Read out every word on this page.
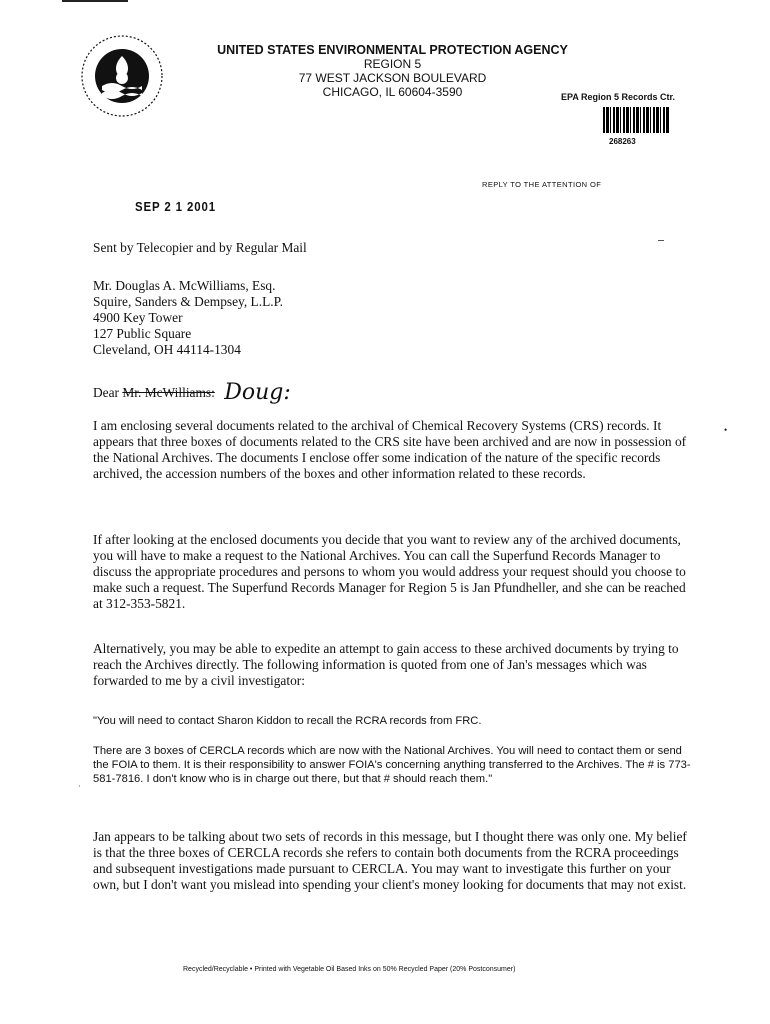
UNITED STATES ENVIRONMENTAL PROTECTION AGENCY
REGION 5
77 WEST JACKSON BOULEVARD
CHICAGO, IL 60604-3590	EPA Region 5 Records Ctr.
268263
REPLY TO THE ATTENTION OF
SEP 2 1 2001

Sent by Telecopier and by Regular Mail

Mr. Douglas A. McWilliams, Esq.
Squire, Sanders & Dempsey, L.L.P.
4900 Key Tower
127 Public Square
Cleveland, OH 44114-1304
Dear Mr. McWilliams: Doug:
•

I am enclosing several documents related to the archival of Chemical Recovery Systems (CRS) records. It appears that three boxes of documents related to the CRS site have been archived and are now in possession of the National Archives. The documents I enclose offer some indication of the nature of the specific records archived, the accession numbers of the boxes and other information related to these records.

If after looking at the enclosed documents you decide that you want to review any of the archived documents, you will have to make a request to the National Archives. You can call the Superfund Records Manager to discuss the appropriate procedures and persons to whom you would address your request should you choose to make such a request. The Superfund Records Manager for Region 5 is Jan Pfundheller, and she can be reached at 312-353-5821.

Alternatively, you may be able to expedite an attempt to gain access to these archived documents by trying to reach the Archives directly. The following information is quoted from one of Jan's messages which was forwarded to me by a civil investigator:

"You will need to contact Sharon Kiddon to recall the RCRA records from FRC.

There are 3 boxes of CERCLA records which are now with the National Archives. You will need to contact them or send the FOIA to them. It is their responsibility to answer FOIA's concerning anything transferred to the Archives. The # is 773-581-7816. I don't know who is in charge out there, but that # should reach them."

·

Jan appears to be talking about two sets of records in this message, but I thought there was only one. My belief is that the three boxes of CERCLA records she refers to contain both documents from the RCRA proceedings and subsequent investigations made pursuant to CERCLA. You may want to investigate this further on your own, but I don't want you mislead into spending your client's money looking for documents that may not exist.

Recycled/Recyclable • Printed with Vegetable Oil Based Inks on 50% Recycled Paper (20% Postconsumer)
